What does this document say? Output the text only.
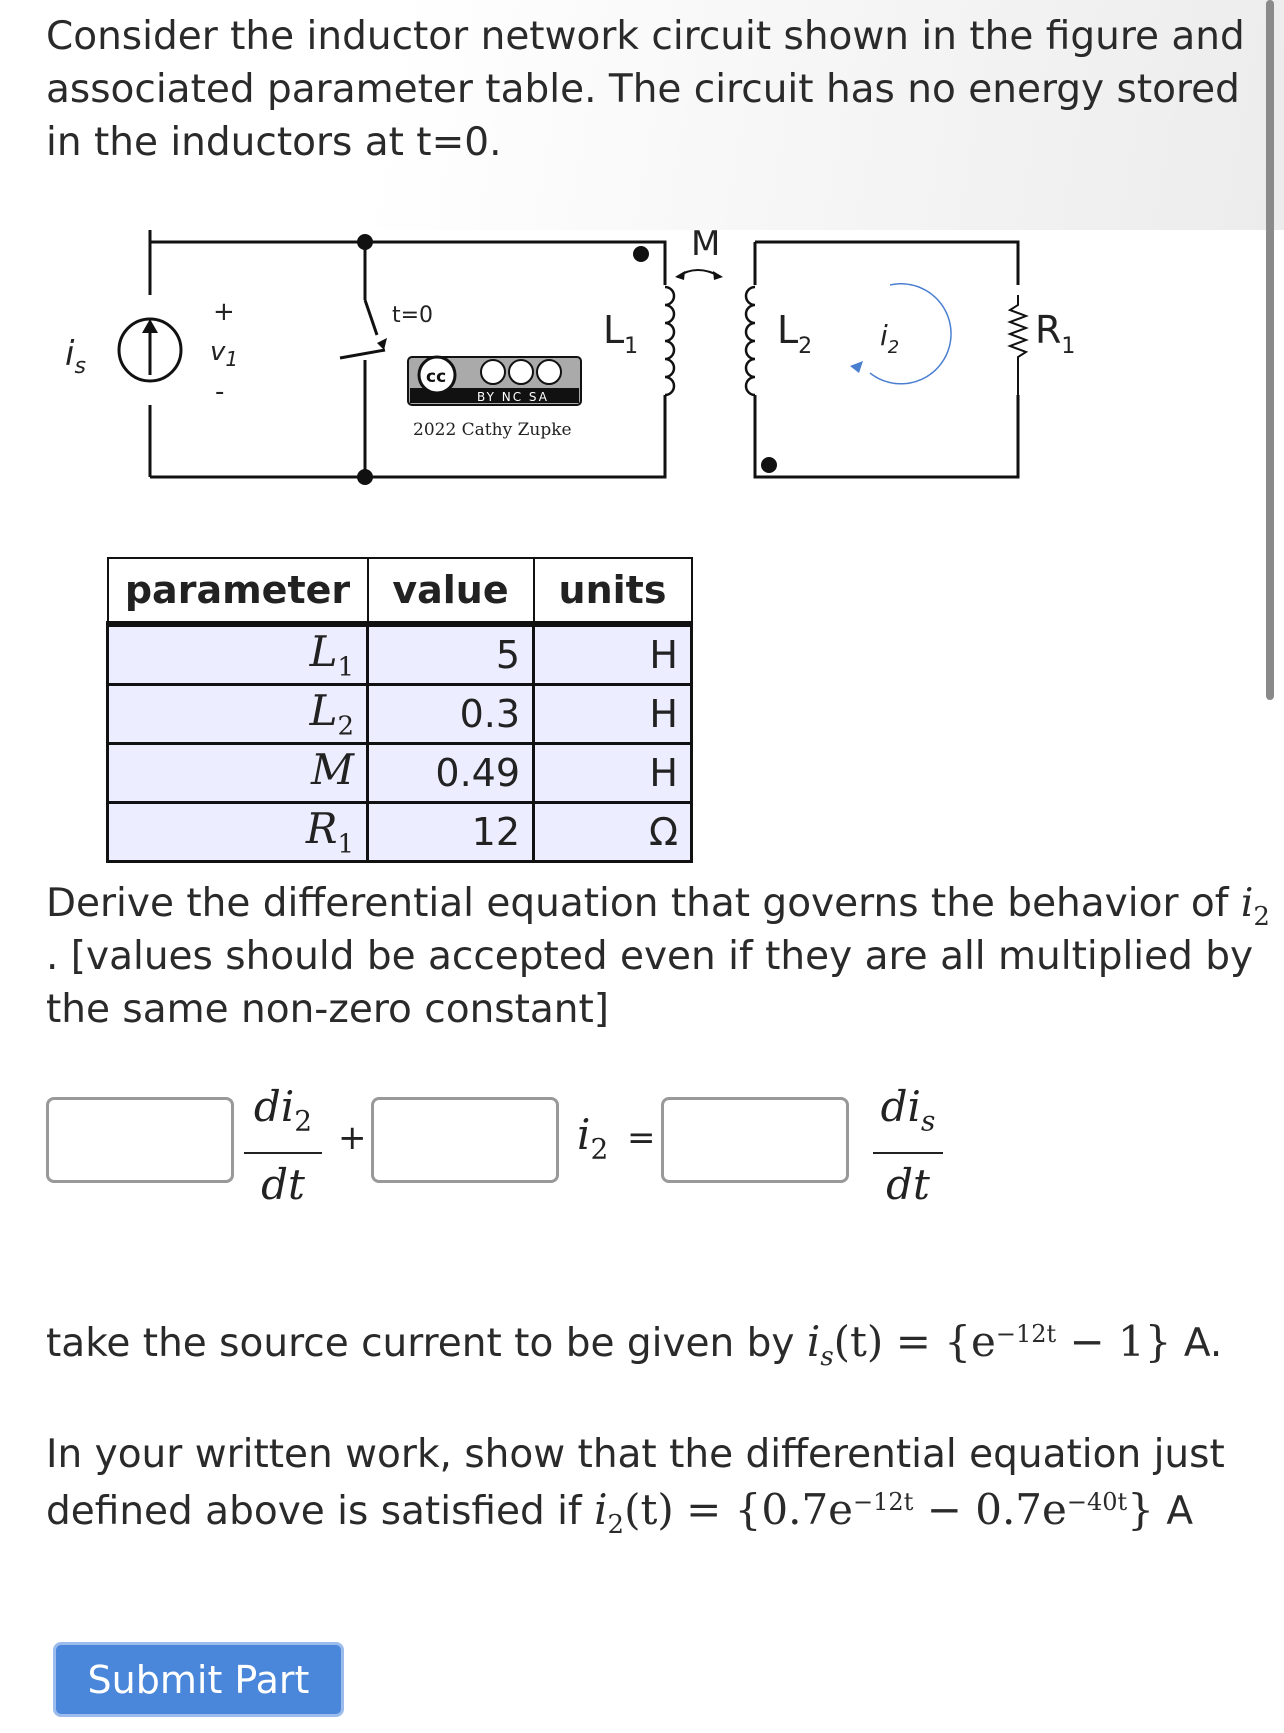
Consider the inductor network circuit shown in the figure and

associated parameter table. The circuit has no energy stored

in the inductors at t=0.

$i_s$
+
$v_1$
-
t=0
cc
BY NC SA
2022 Cathy Zupke
$L_1$
M
$L_2$ $i_2$	$R_1$
parameter	value	units
$L_1$	5	H
$L_2$	0.3	H
M	0.49	H
$R_1$	12	Ω

Derive the differential equation that governs the behavior of $i_2$

. [values should be accepted even if they are all multiplied by

the same non-zero constant]

$di_2$
dt
+	$i_2$ =
$di_s$
dt

take the source current to be given by $i_s(t) = \{e^{-12t} - 1\}$ A.

In your written work, show that the differential equation just

defined above is satisfied if $i_2(t) = \{0.7e^{-12t} - 0.7e^{-40t}\}$ A

Submit Part
